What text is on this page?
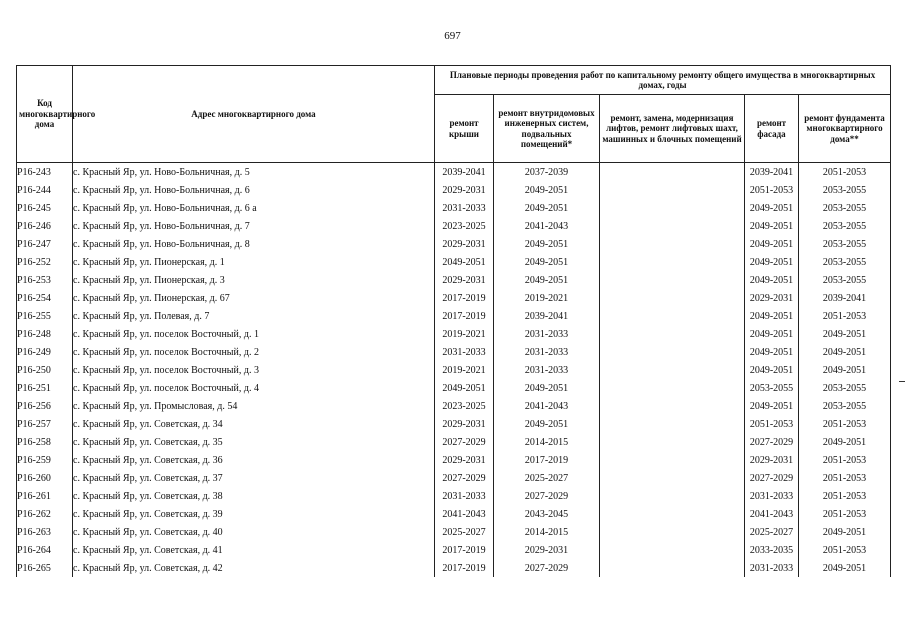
697
Код многоквартирного дома	Адрес многоквартирного дома	Плановые периоды проведения работ по капитальному ремонту общего имущества в многоквартирных домах, годы				
		ремонт крыши	ремонт внутридомовых инженерных систем, подвальных помещений*	ремонт, замена, модернизация лифтов, ремонт лифтовых шахт, машинных и блочных помещений	ремонт фасада	ремонт фундамента многоквартирного дома**
P16-243	с. Красный Яр, ул. Ново-Больничная, д. 5	2039-2041	2037-2039		2039-2041	2051-2053
P16-244	с. Красный Яр, ул. Ново-Больничная, д. 6	2029-2031	2049-2051		2051-2053	2053-2055
P16-245	с. Красный Яр, ул. Ново-Больничная, д. 6 а	2031-2033	2049-2051		2049-2051	2053-2055
P16-246	с. Красный Яр, ул. Ново-Больничная, д. 7	2023-2025	2041-2043		2049-2051	2053-2055
P16-247	с. Красный Яр, ул. Ново-Больничная, д. 8	2029-2031	2049-2051		2049-2051	2053-2055
P16-252	с. Красный Яр, ул. Пионерская, д. 1	2049-2051	2049-2051		2049-2051	2053-2055
P16-253	с. Красный Яр, ул. Пионерская, д. 3	2029-2031	2049-2051		2049-2051	2053-2055
P16-254	с. Красный Яр, ул. Пионерская, д. 67	2017-2019	2019-2021		2029-2031	2039-2041
P16-255	с. Красный Яр, ул. Полевая, д. 7	2017-2019	2039-2041		2049-2051	2051-2053
P16-248	с. Красный Яр, ул. поселок Восточный, д. 1	2019-2021	2031-2033		2049-2051	2049-2051
P16-249	с. Красный Яр, ул. поселок Восточный, д. 2	2031-2033	2031-2033		2049-2051	2049-2051
P16-250	с. Красный Яр, ул. поселок Восточный, д. 3	2019-2021	2031-2033		2049-2051	2049-2051
P16-251	с. Красный Яр, ул. поселок Восточный, д. 4	2049-2051	2049-2051		2053-2055	2053-2055
P16-256	с. Красный Яр, ул. Промысловая, д. 54	2023-2025	2041-2043		2049-2051	2053-2055
P16-257	с. Красный Яр, ул. Советская, д. 34	2029-2031	2049-2051		2051-2053	2051-2053
P16-258	с. Красный Яр, ул. Советская, д. 35	2027-2029	2014-2015		2027-2029	2049-2051
P16-259	с. Красный Яр, ул. Советская, д. 36	2029-2031	2017-2019		2029-2031	2051-2053
P16-260	с. Красный Яр, ул. Советская, д. 37	2027-2029	2025-2027		2027-2029	2051-2053
P16-261	с. Красный Яр, ул. Советская, д. 38	2031-2033	2027-2029		2031-2033	2051-2053
P16-262	с. Красный Яр, ул. Советская, д. 39	2041-2043	2043-2045		2041-2043	2051-2053
P16-263	с. Красный Яр, ул. Советская, д. 40	2025-2027	2014-2015		2025-2027	2049-2051
P16-264	с. Красный Яр, ул. Советская, д. 41	2017-2019	2029-2031		2033-2035	2051-2053
P16-265	с. Красный Яр, ул. Советская, д. 42	2017-2019	2027-2029		2031-2033	2049-2051
